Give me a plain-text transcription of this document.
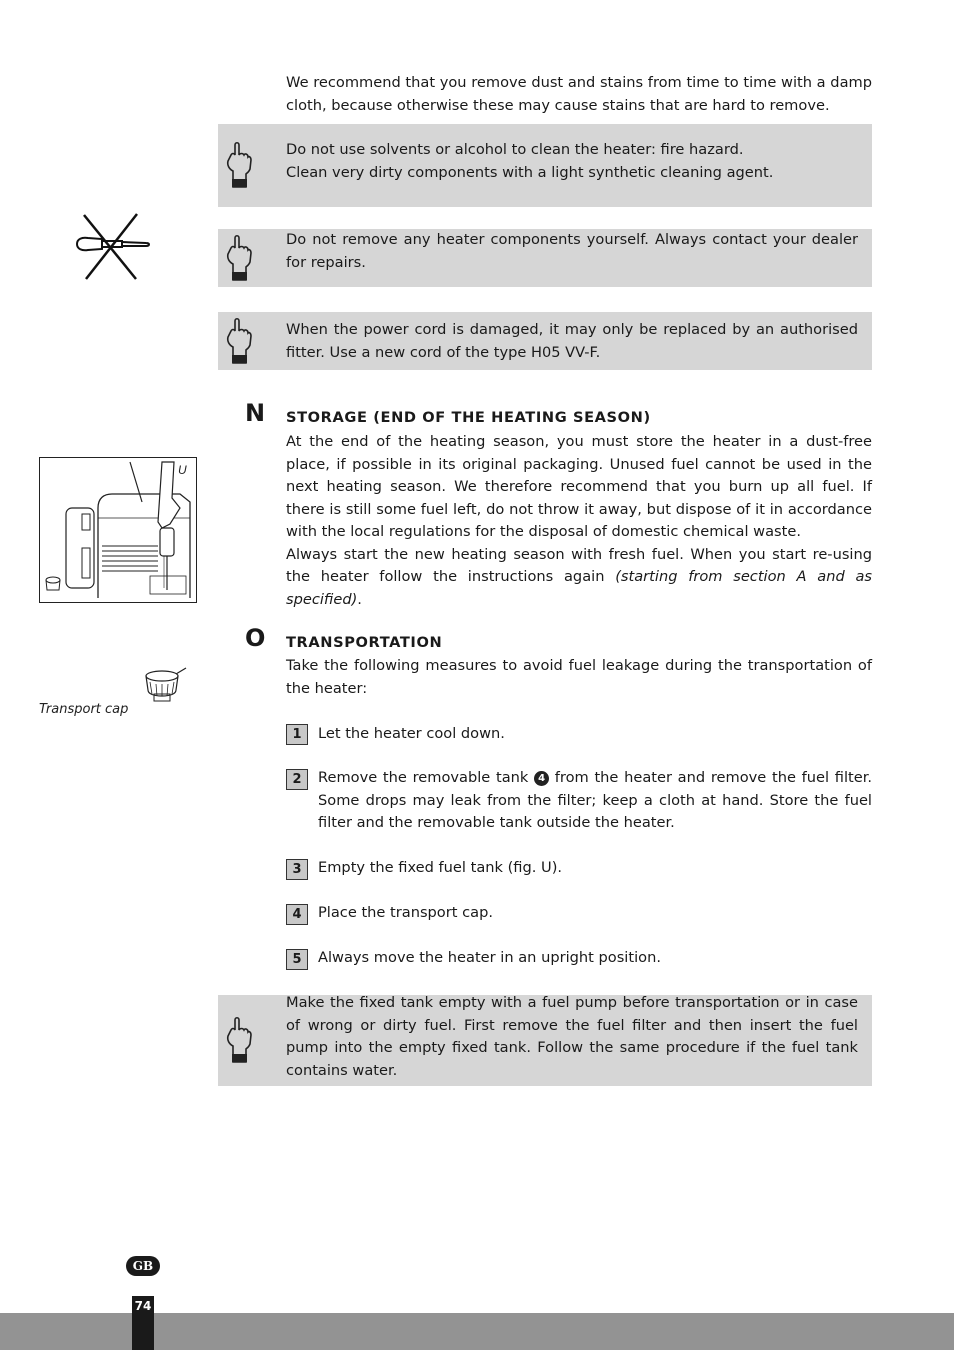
We recommend that you remove dust and stains from time to time with a damp cloth, because otherwise these may cause stains that are hard to remove.
Do not use solvents or alcohol to clean the heater: fire hazard.
Clean very dirty components with a light synthetic cleaning agent.
Do not remove any heater components yourself. Always contact your dealer for repairs.
When the power cord is damaged, it may only be replaced by an authorised fitter. Use a new cord of the type H05 VV-F.
N STORAGE (END OF THE HEATING SEASON)

At the end of the heating season, you must store the heater in a dust-free place, if possible in its original packaging. Unused fuel cannot be used in the next heating season. We therefore recommend that you burn up all fuel. If there is still some fuel left, do not throw it away, but dispose of it in accordance with the local regulations for the disposal of domestic chemical waste.

Always start the new heating season with fresh fuel. When you start re-using the heater follow the instructions again (starting from section A and as specified).

U
O TRANSPORTATION
Take the following measures to avoid fuel leakage during the transportation of the heater:
Transport cap
1	Let the heater cool down.
2	Remove the removable tank 4 from the heater and remove the fuel filter. Some drops may leak from the filter; keep a cloth at hand. Store the fuel filter and the removable tank outside the heater.
3	Empty the fixed fuel tank (fig. U).
4	Place the transport cap.
5	Always move the heater in an upright position.
Make the fixed tank empty with a fuel pump before transportation or in case of wrong or dirty fuel. First remove the fuel filter and then insert the fuel pump into the empty fixed tank. Follow the same procedure if the fuel tank contains water.
GB
74
